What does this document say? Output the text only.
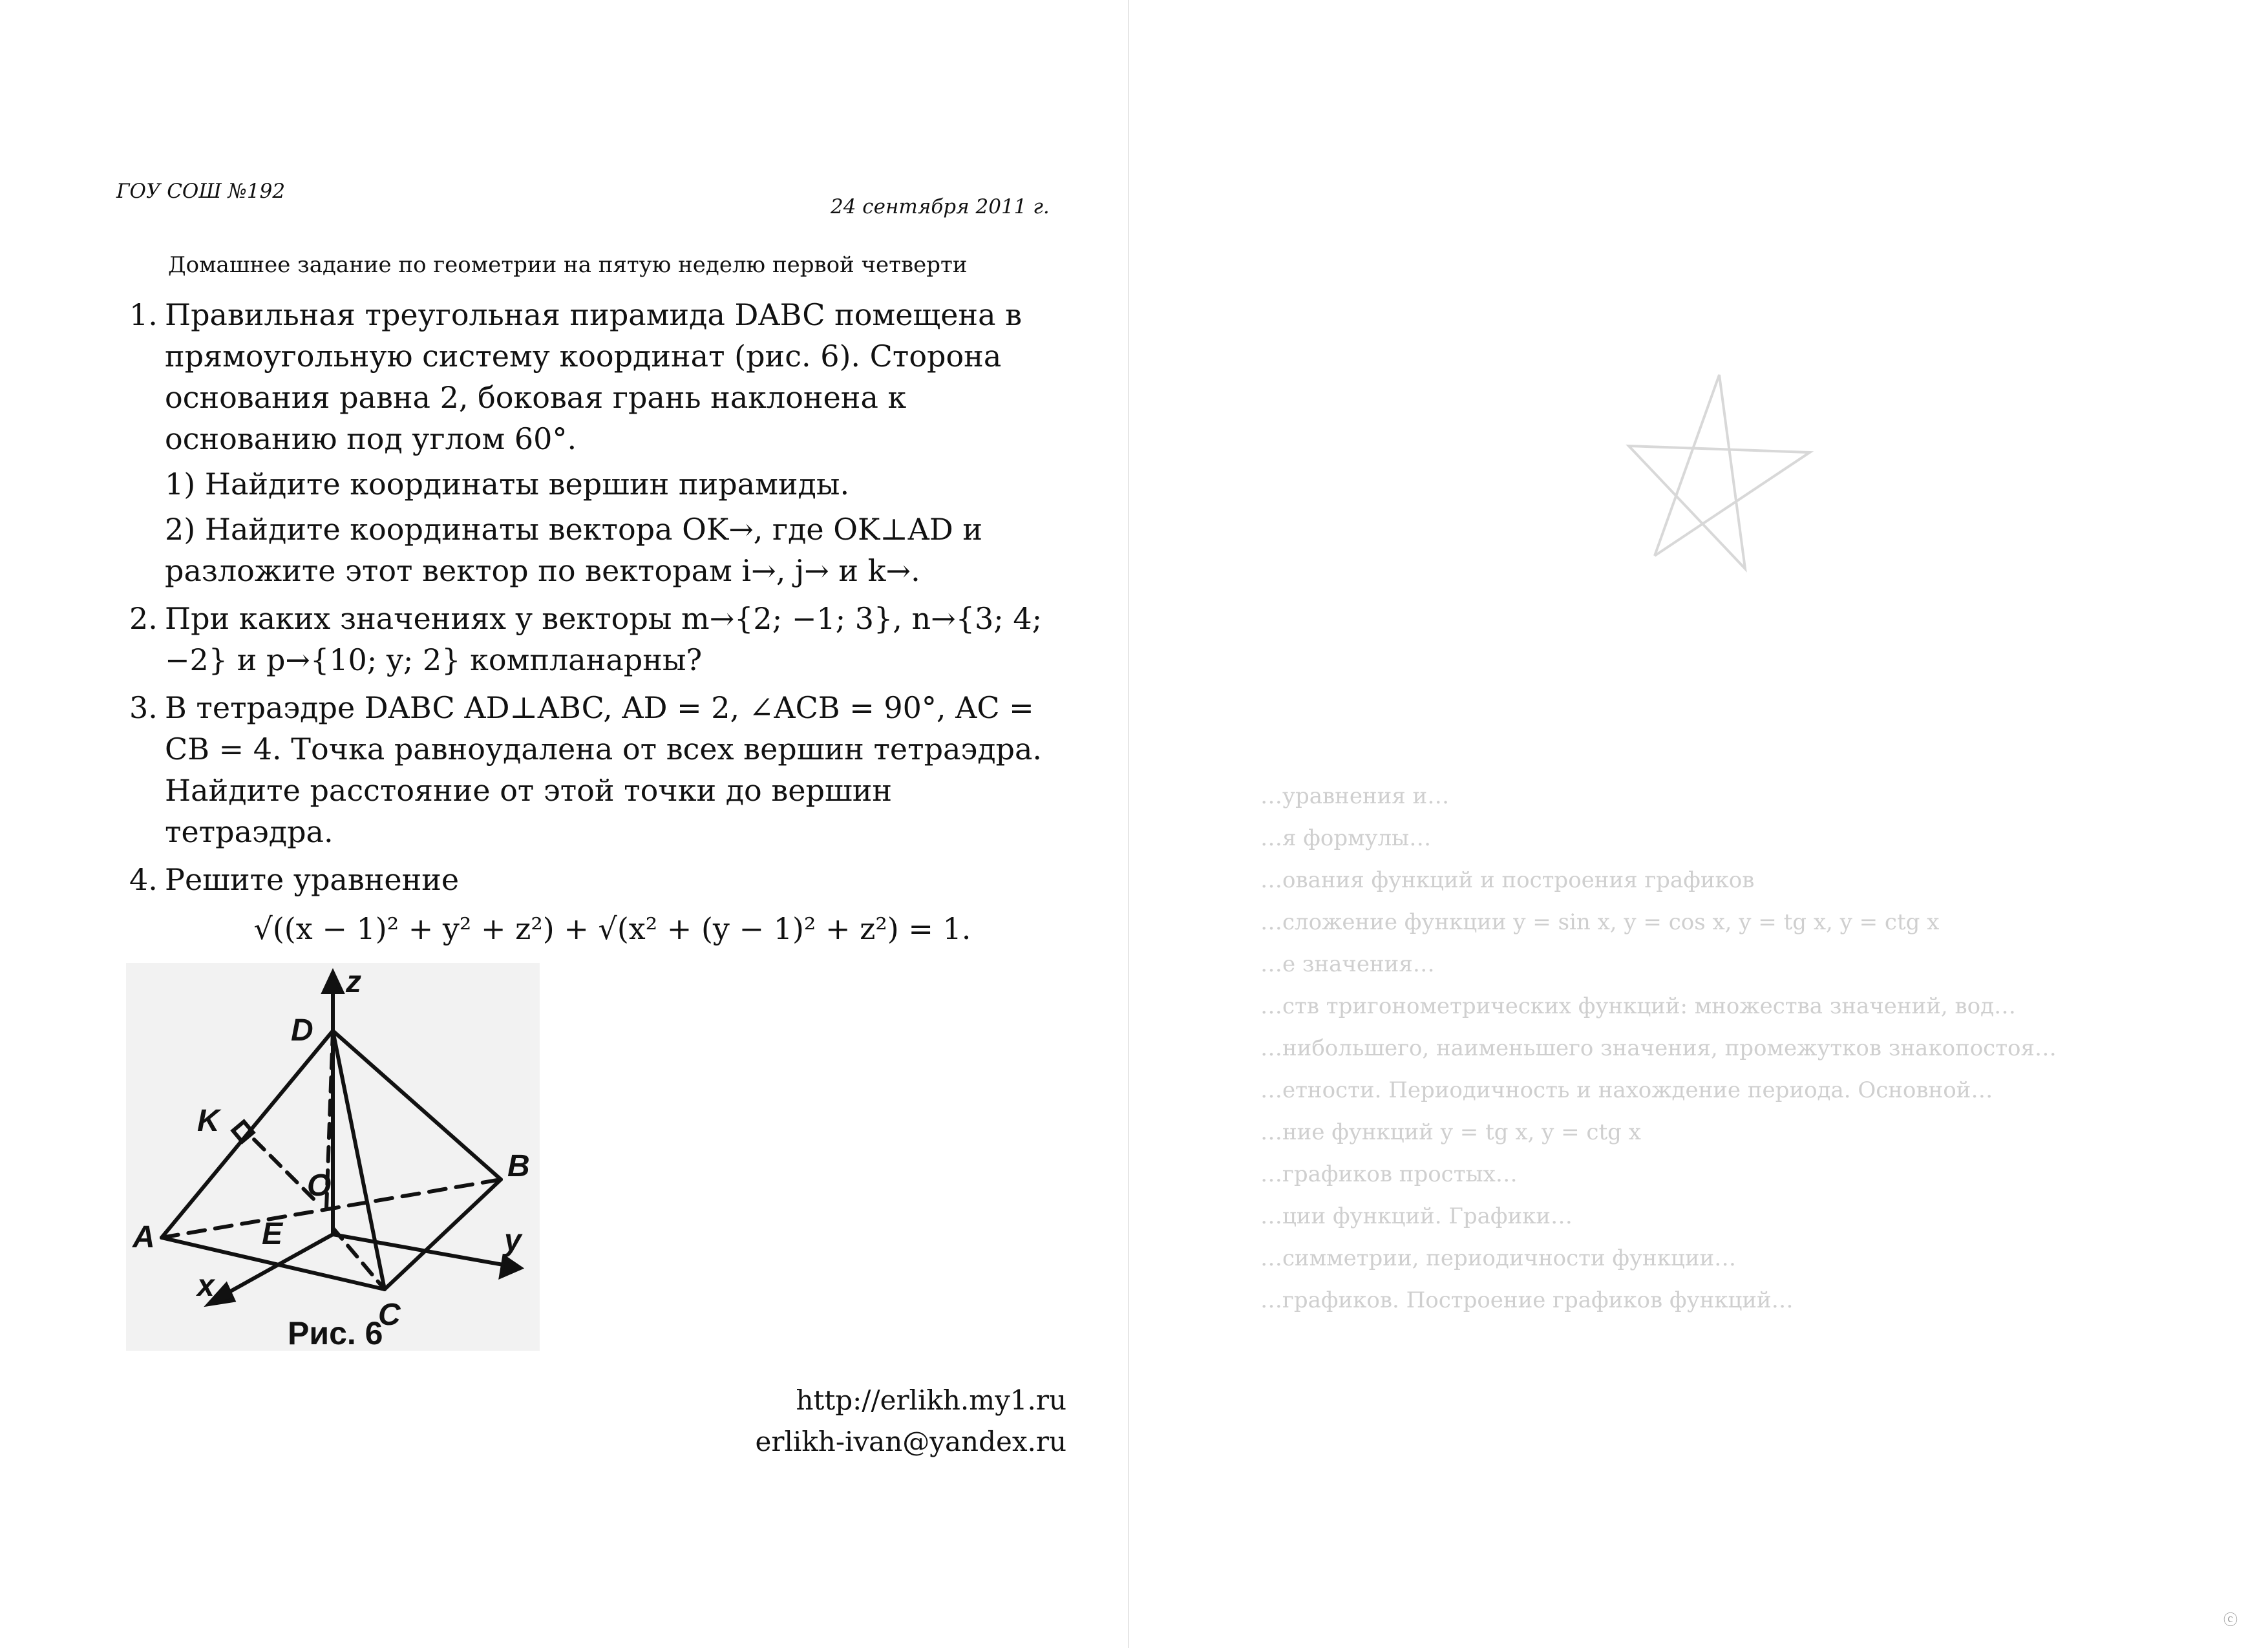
ГОУ СОШ №192
24 сентября 2011 г.
Домашнее задание по геометрии на пятую неделю первой четверти
1. Правильная треугольная пирамида DABC помещена в прямоугольную систему координат (рис. 6). Сторона основания равна 2, боковая грань наклонена к основанию под углом 60°.
1) Найдите координаты вершин пирамиды.
2) Найдите координаты вектора OK→, где OK⊥AD и разложите этот вектор по векторам i→, j→ и k→.
2. При каких значениях y векторы m→{2; −1; 3}, n→{3; 4; −2} и p→{10; y; 2} компланарны?
3. В тетраэдре DABC AD⊥ABC, AD = 2, ∠ACB = 90°, AC = CB = 4. Точка равноудалена от всех вершин тетраэдра. Найдите расстояние от этой точки до вершин тетраэдра.
4. Решите уравнение
√((x − 1)² + y² + z²) + √(x² + (y − 1)² + z²) = 1.
z
D
K
O
B
A	E	y
x
C
Рис. 6
http://erlikh.my1.ru
erlikh-ivan@yandex.ru
…уравнения и…
…я формулы…
…ования функций и построения графиков
…сложение функции y = sin x, y = cos x, y = tg x, y = ctg x
…е значения…
…ств тригонометрических функций: множества значений, вод…
…нибольшего, наименьшего значения, промежутков знакопостоя…
…етности. Периодичность и нахождение периода. Основной…
…ние функций y = tg x, y = ctg x
…графиков простых…
…ции функций. Графики…
…симметрии, периодичности функции…
…графиков. Построение графиков функций…
ⓒ
